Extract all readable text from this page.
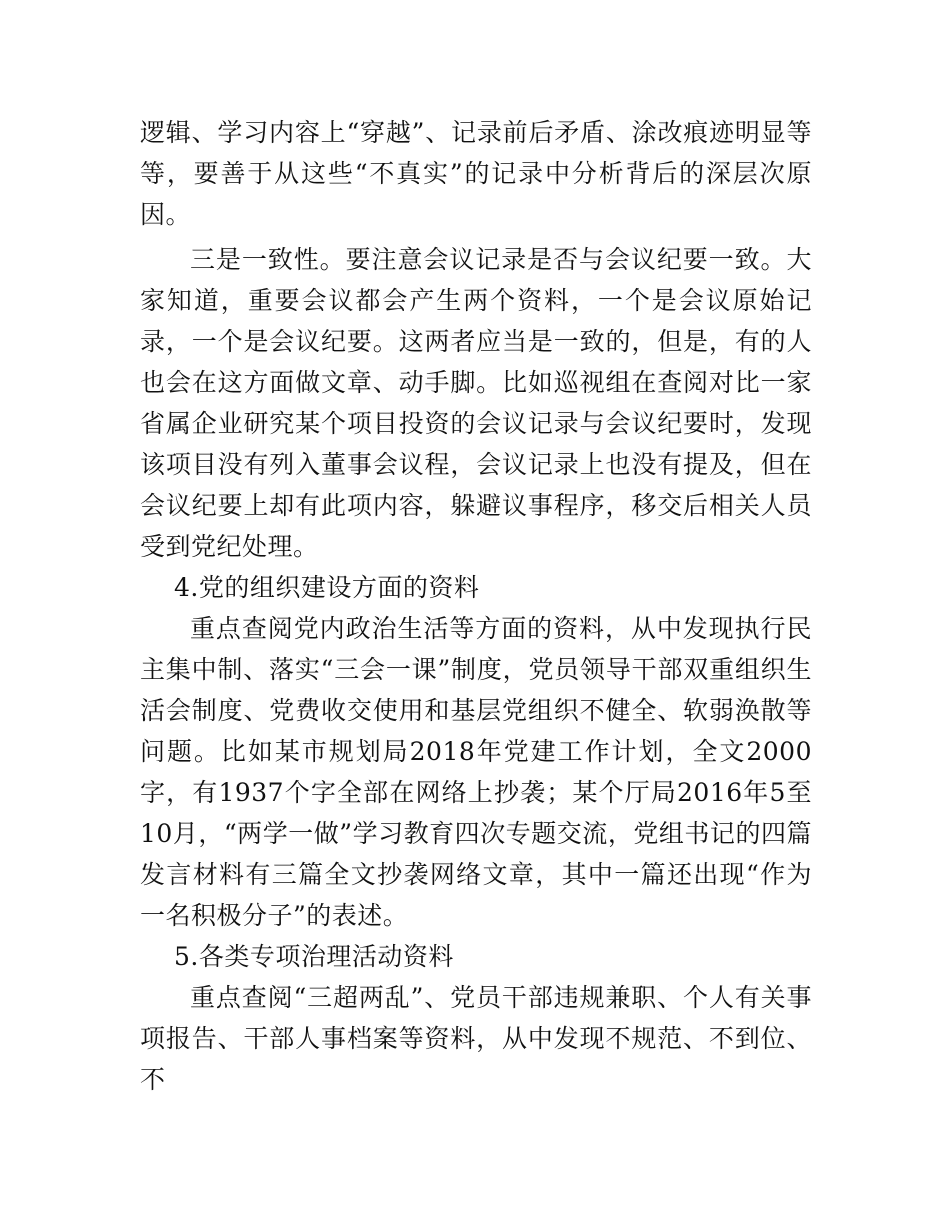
逻辑、学习内容上“穿越”、记录前后矛盾、涂改痕迹明显等等，要善于从这些“不真实”的记录中分析背后的深层次原因。

三是一致性。要注意会议记录是否与会议纪要一致。大家知道，重要会议都会产生两个资料，一个是会议原始记录，一个是会议纪要。这两者应当是一致的，但是，有的人也会在这方面做文章、动手脚。比如巡视组在查阅对比一家省属企业研究某个项目投资的会议记录与会议纪要时，发现该项目没有列入董事会议程，会议记录上也没有提及，但在会议纪要上却有此项内容，躲避议事程序，移交后相关人员受到党纪处理。

4.党的组织建设方面的资料

重点查阅党内政治生活等方面的资料，从中发现执行民主集中制、落实“三会一课”制度，党员领导干部双重组织生活会制度、党费收交使用和基层党组织不健全、软弱涣散等问题。比如某市规划局2018年党建工作计划，全文2000字，有1937个字全部在网络上抄袭；某个厅局2016年5至10月，“两学一做”学习教育四次专题交流，党组书记的四篇发言材料有三篇全文抄袭网络文章，其中一篇还出现“作为一名积极分子”的表述。

5.各类专项治理活动资料

重点查阅“三超两乱”、党员干部违规兼职、个人有关事项报告、干部人事档案等资料，从中发现不规范、不到位、不
